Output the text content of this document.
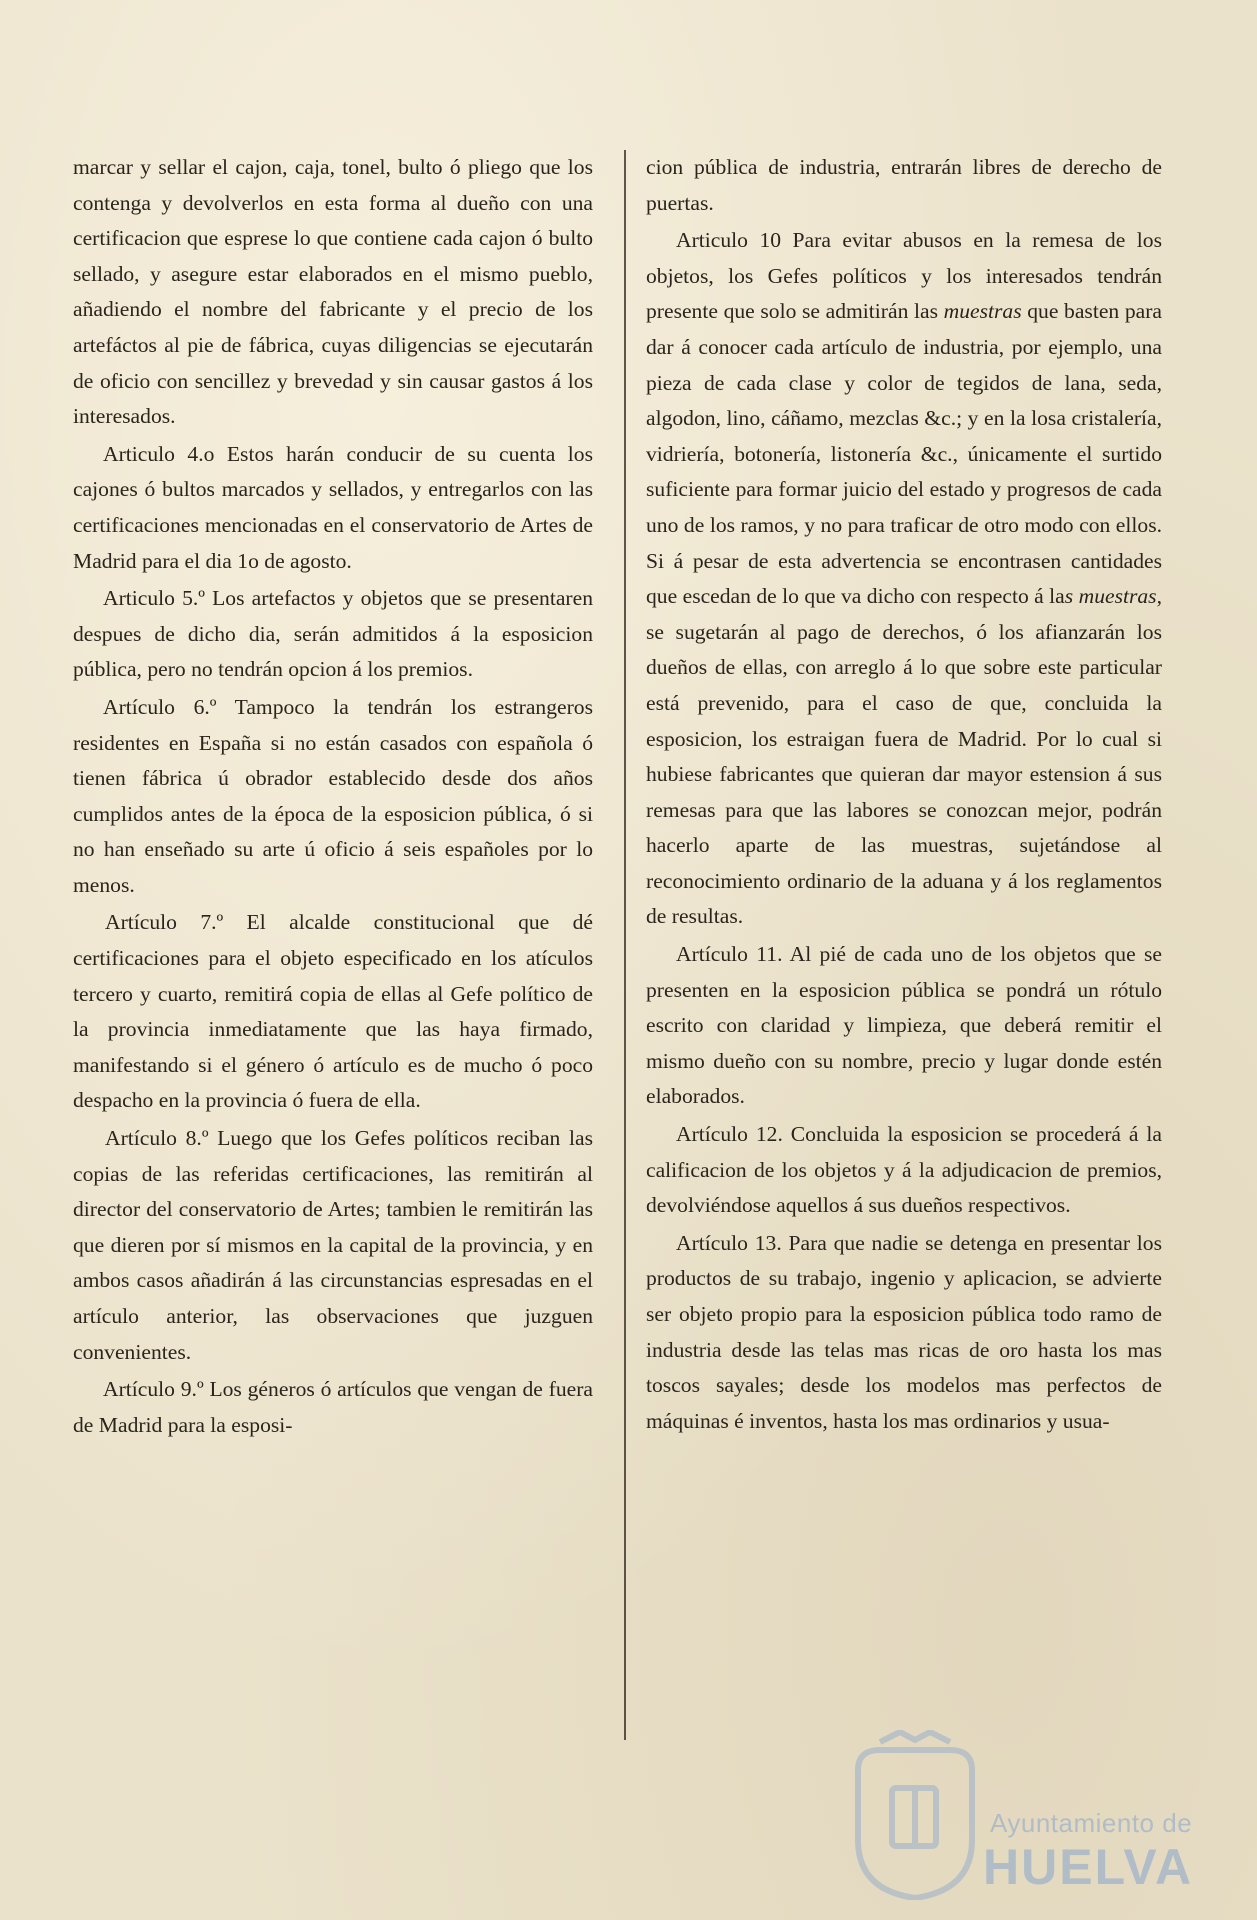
marcar y sellar el cajon, caja, tonel, bulto ó pliego que los contenga y devolverlos en esta forma al dueño con una certificacion que esprese lo que contiene cada cajon ó bulto sellado, y asegure estar elaborados en el mismo pueblo, añadiendo el nombre del fabricante y el precio de los artefáctos al pie de fábrica, cuyas diligencias se ejecutarán de oficio con sencillez y brevedad y sin causar gastos á los interesados.

Articulo 4.o Estos harán conducir de su cuenta los cajones ó bultos marcados y sellados, y entregarlos con las certificaciones mencionadas en el conservatorio de Artes de Madrid para el dia 1o de agosto.

Articulo 5.º Los artefactos y objetos que se presentaren despues de dicho dia, serán admitidos á la esposicion pública, pero no tendrán opcion á los premios.

Artículo 6.º Tampoco la tendrán los estrangeros residentes en España si no están casados con española ó tienen fábrica ú obrador establecido desde dos años cumplidos antes de la época de la esposicion pública, ó si no han enseñado su arte ú oficio á seis españoles por lo menos.

Artículo 7.º El alcalde constitucional que dé certificaciones para el objeto especificado en los atículos tercero y cuarto, remitirá copia de ellas al Gefe político de la provincia inmediatamente que las haya firmado, manifestando si el género ó artículo es de mucho ó poco despacho en la provincia ó fuera de ella.

Artículo 8.º Luego que los Gefes políticos reciban las copias de las referidas certificaciones, las remitirán al director del conservatorio de Artes; tambien le remitirán las que dieren por sí mismos en la capital de la provincia, y en ambos casos añadirán á las circunstancias espresadas en el artículo anterior, las observaciones que juzguen convenientes.

Artículo 9.º Los géneros ó artículos que vengan de fuera de Madrid para la esposi-

cion pública de industria, entrarán libres de derecho de puertas.

Articulo 10 Para evitar abusos en la remesa de los objetos, los Gefes políticos y los interesados tendrán presente que solo se admitirán las muestras que basten para dar á conocer cada artículo de industria, por ejemplo, una pieza de cada clase y color de tegidos de lana, seda, algodon, lino, cáñamo, mezclas &c.; y en la losa cristalería, vidriería, botonería, listonería &c., únicamente el surtido suficiente para formar juicio del estado y progresos de cada uno de los ramos, y no para traficar de otro modo con ellos. Si á pesar de esta advertencia se encontrasen cantidades que escedan de lo que va dicho con respecto á las muestras, se sugetarán al pago de derechos, ó los afianzarán los dueños de ellas, con arreglo á lo que sobre este particular está prevenido, para el caso de que, concluida la esposicion, los estraigan fuera de Madrid. Por lo cual si hubiese fabricantes que quieran dar mayor estension á sus remesas para que las labores se conozcan mejor, podrán hacerlo aparte de las muestras, sujetándose al reconocimiento ordinario de la aduana y á los reglamentos de resultas.

Artículo 11. Al pié de cada uno de los objetos que se presenten en la esposicion pública se pondrá un rótulo escrito con claridad y limpieza, que deberá remitir el mismo dueño con su nombre, precio y lugar donde estén elaborados.

Artículo 12. Concluida la esposicion se procederá á la calificacion de los objetos y á la adjudicacion de premios, devolviéndose aquellos á sus dueños respectivos.

Artículo 13. Para que nadie se detenga en presentar los productos de su trabajo, ingenio y aplicacion, se advierte ser objeto propio para la esposicion pública todo ramo de industria desde las telas mas ricas de oro hasta los mas toscos sayales; desde los modelos mas perfectos de máquinas é inventos, hasta los mas ordinarios y usua-

Ayuntamiento de
HUELVA
